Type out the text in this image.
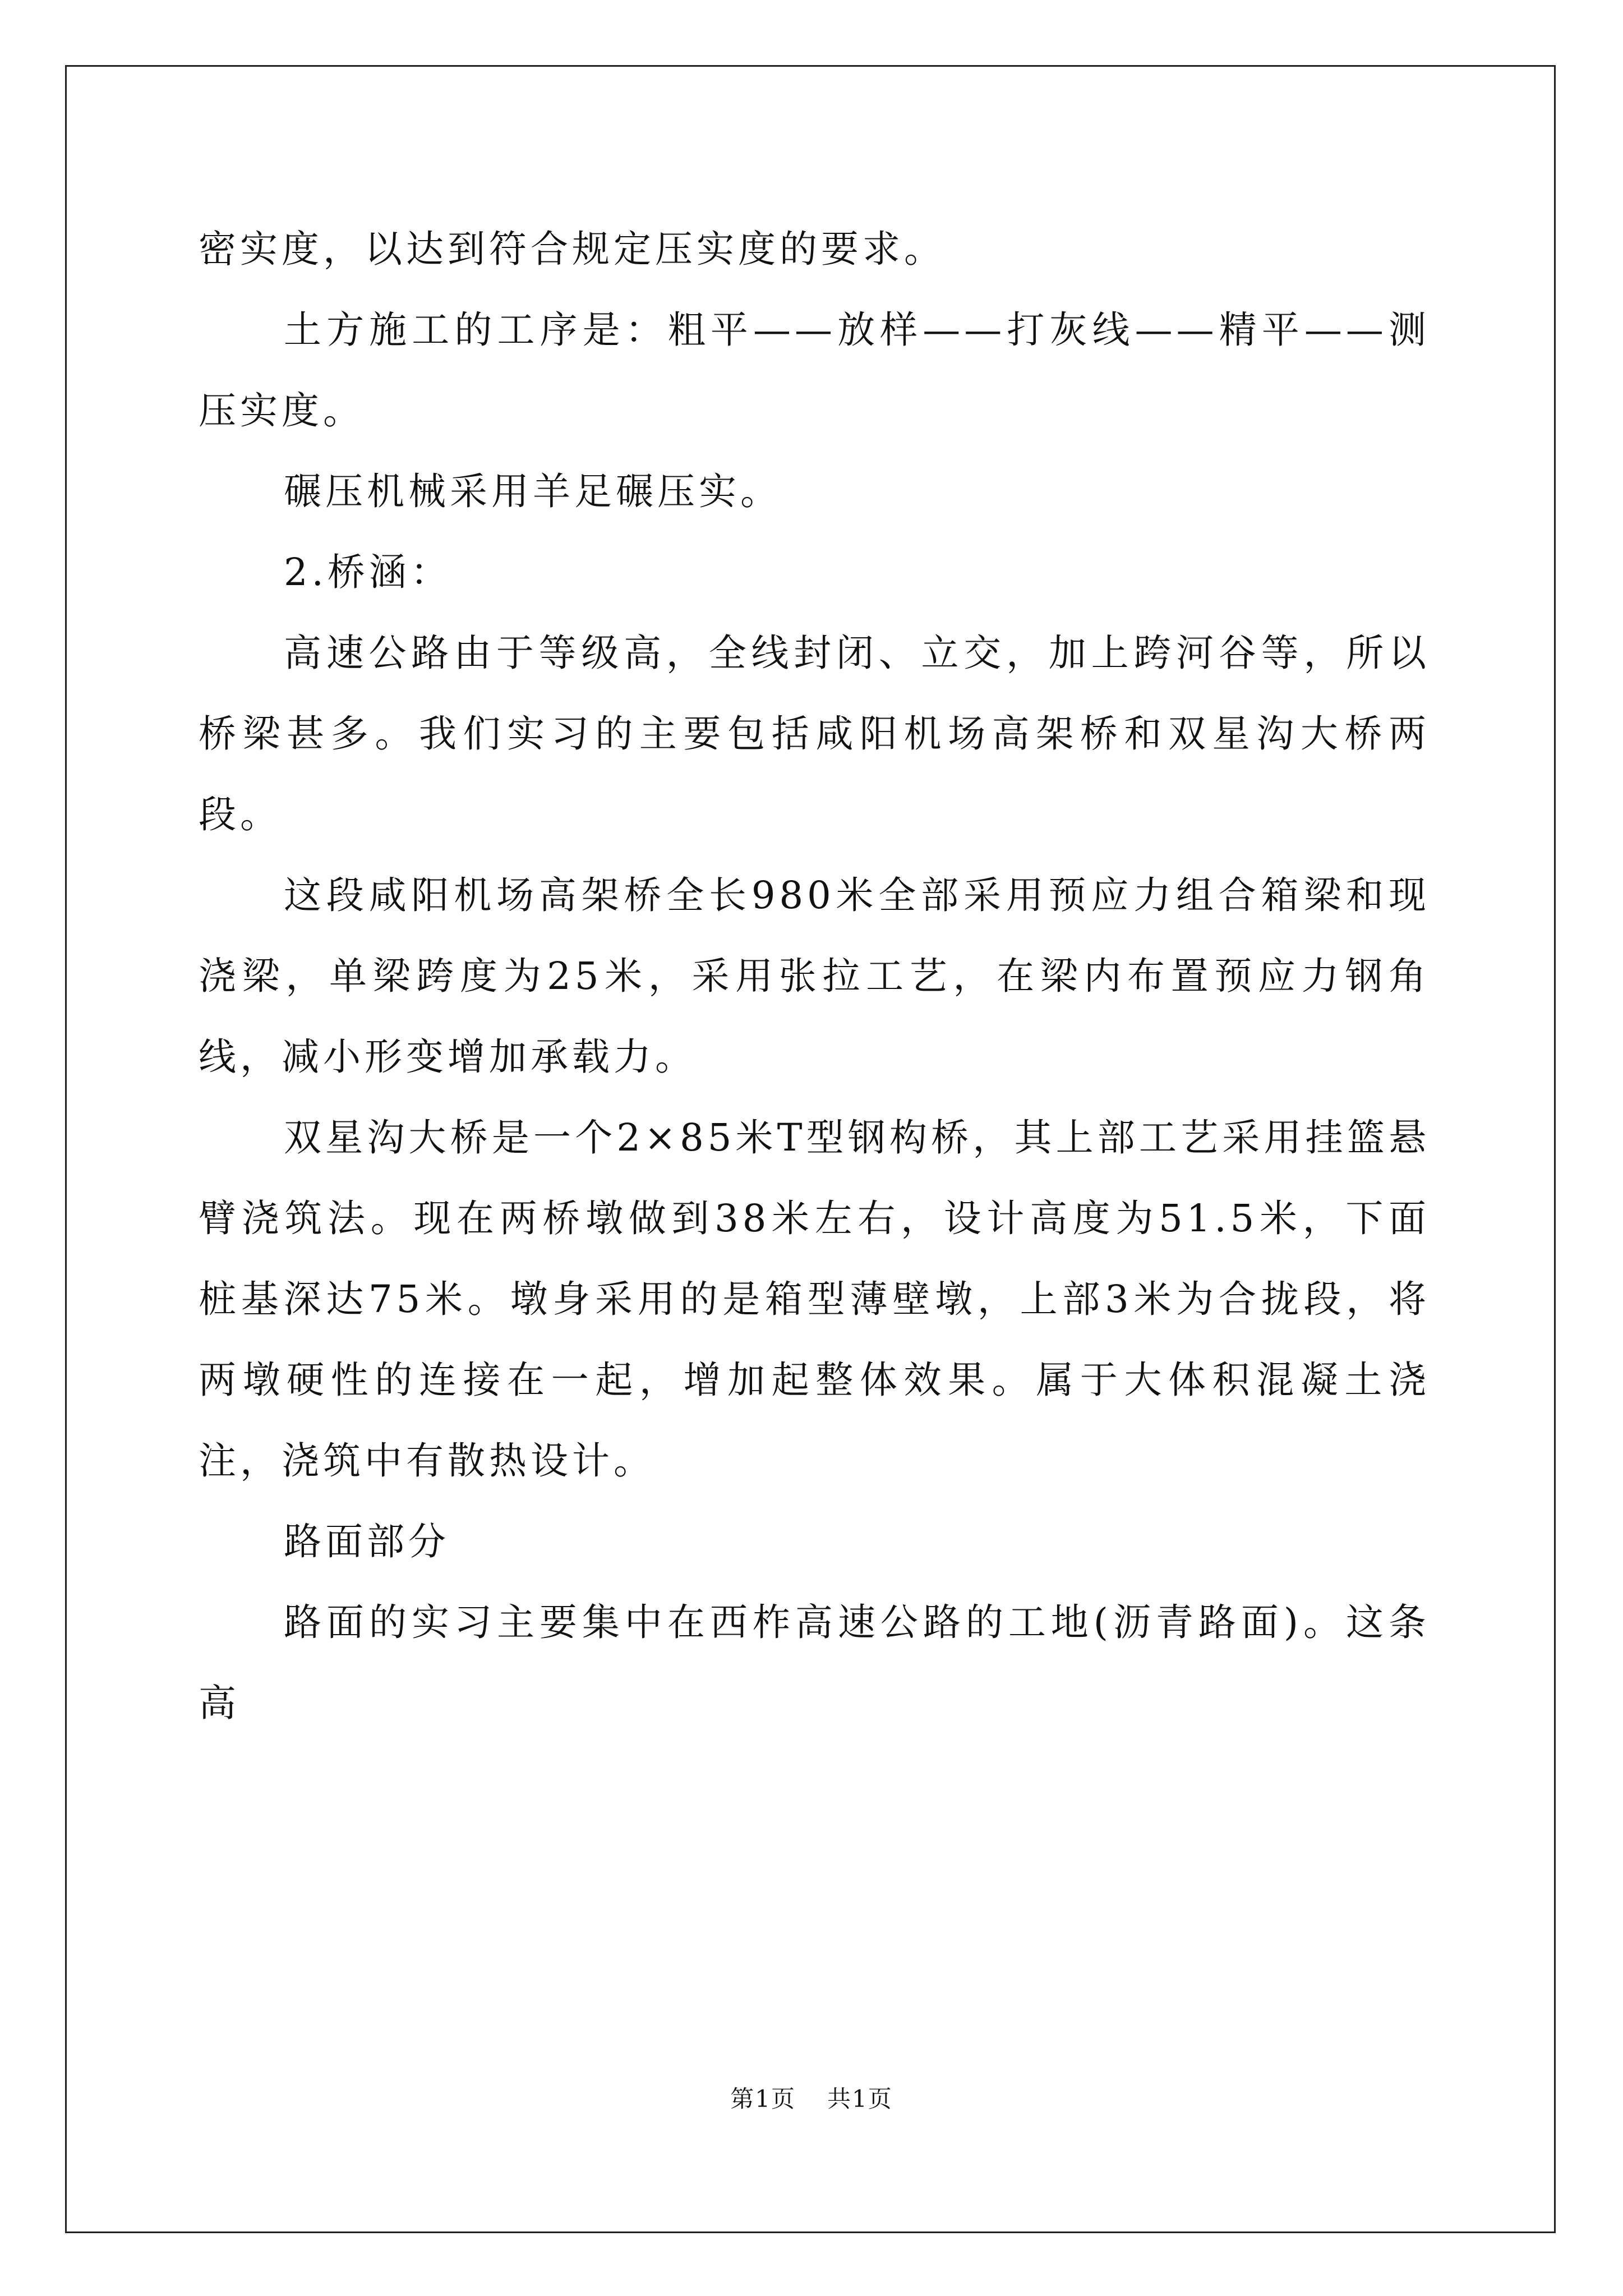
密实度，以达到符合规定压实度的要求。

土方施工的工序是：粗平——放样——打灰线——精平——测压实度。

碾压机械采用羊足碾压实。

2.桥涵：

高速公路由于等级高，全线封闭、立交，加上跨河谷等，所以桥梁甚多。我们实习的主要包括咸阳机场高架桥和双星沟大桥两段。

这段咸阳机场高架桥全长980米全部采用预应力组合箱梁和现浇梁，单梁跨度为25米，采用张拉工艺，在梁内布置预应力钢角线，减小形变增加承载力。

双星沟大桥是一个2×85米T型钢构桥，其上部工艺采用挂篮悬臂浇筑法。现在两桥墩做到38米左右，设计高度为51.5米，下面桩基深达75米。墩身采用的是箱型薄壁墩，上部3米为合拢段，将两墩硬性的连接在一起，增加起整体效果。属于大体积混凝土浇注，浇筑中有散热设计。

路面部分

路面的实习主要集中在西柞高速公路的工地(沥青路面)。这条高

第1页 共1页
